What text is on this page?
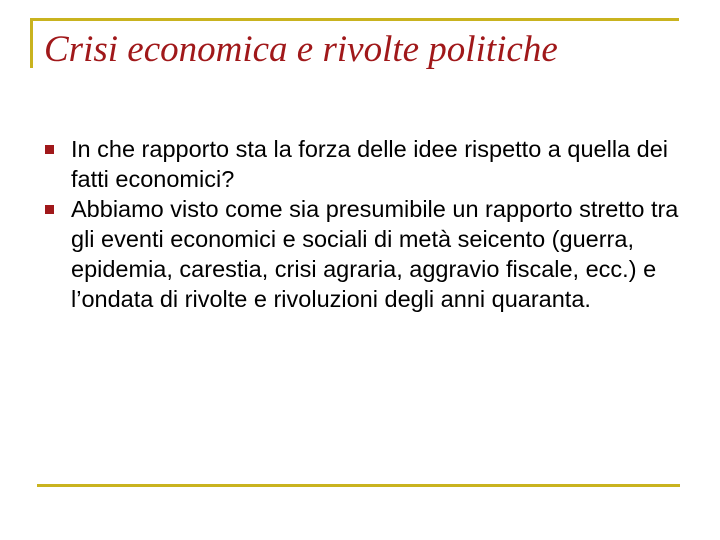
Crisi economica e rivolte politiche
In che rapporto sta la forza delle idee rispetto a quella dei fatti economici?
Abbiamo visto come sia presumibile un rapporto stretto tra gli eventi economici e sociali di metà seicento (guerra, epidemia, carestia, crisi agraria, aggravio fiscale, ecc.) e l’ondata di rivolte e rivoluzioni degli anni quaranta.
